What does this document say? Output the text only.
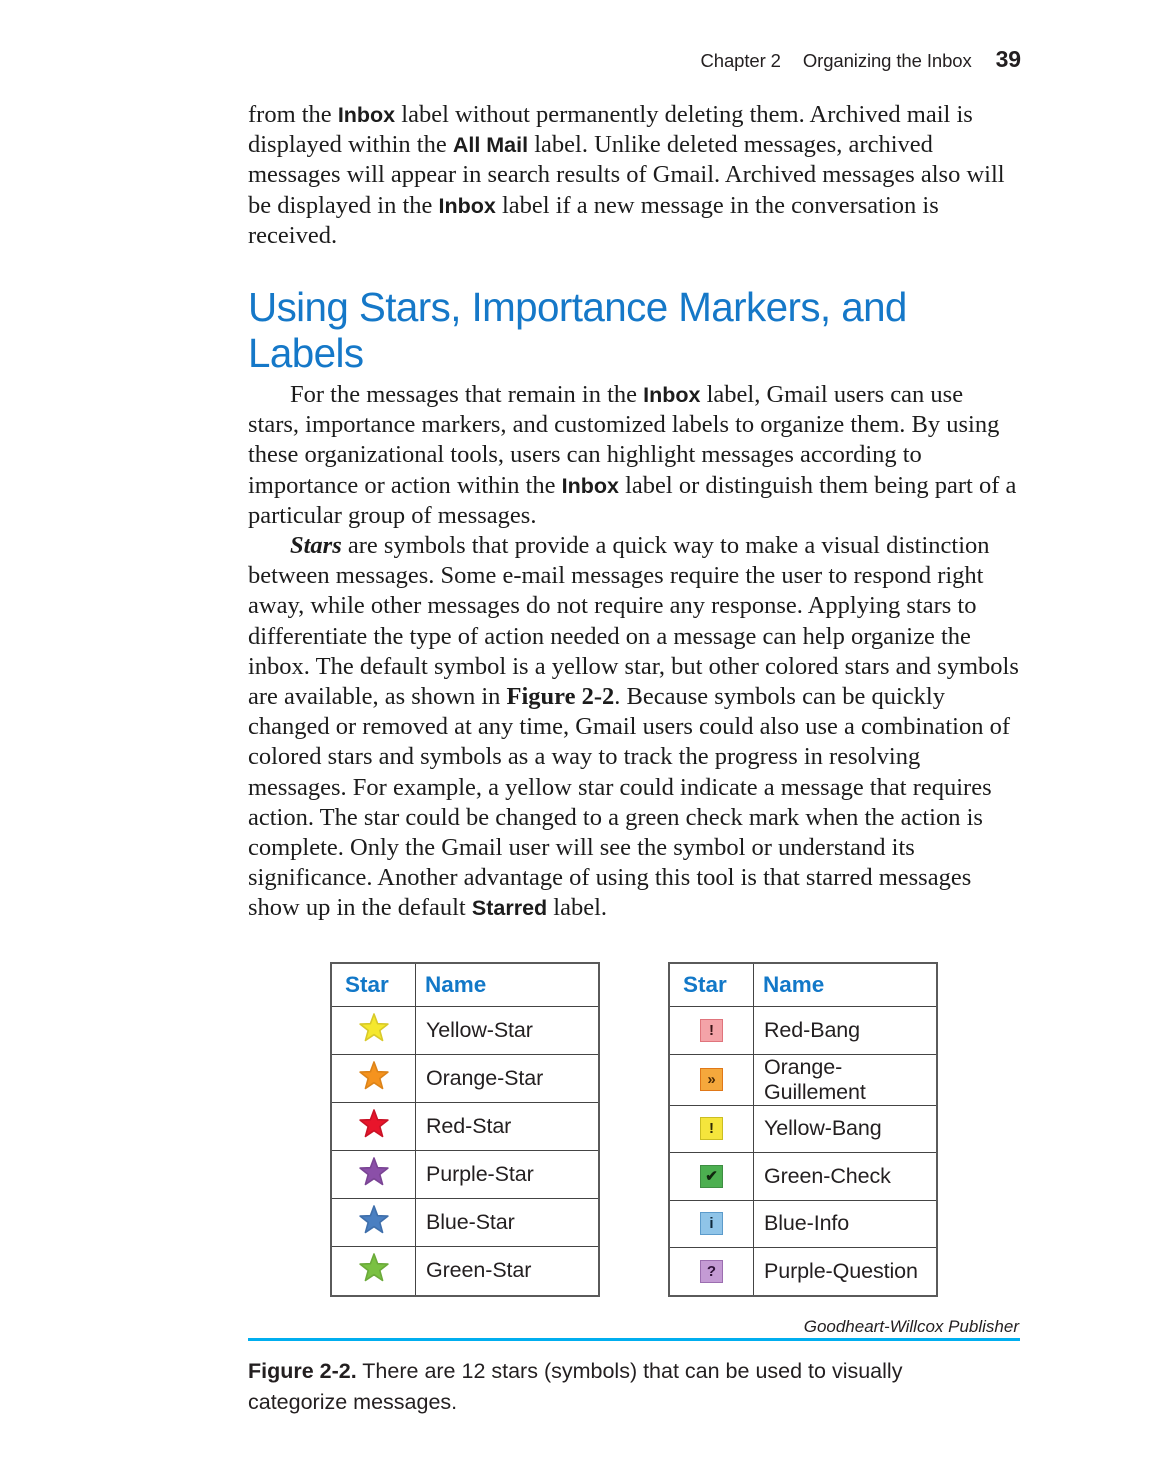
Chapter 2 Organizing the Inbox 39

from the Inbox label without permanently deleting them. Archived mail is displayed within the All Mail label. Unlike deleted messages, archived messages will appear in search results of Gmail. Archived messages also will be displayed in the Inbox label if a new message in the conversation is received.

Using Stars, Importance Markers, and Labels

For the messages that remain in the Inbox label, Gmail users can use stars, importance markers, and customized labels to organize them. By using these organizational tools, users can highlight messages according to importance or action within the Inbox label or distinguish them being part of a particular group of messages.

Stars are symbols that provide a quick way to make a visual distinction between messages. Some e-mail messages require the user to respond right away, while other messages do not require any response. Applying stars to differentiate the type of action needed on a message can help organize the inbox. The default symbol is a yellow star, but other colored stars and symbols are available, as shown in Figure 2-2. Because symbols can be quickly changed or removed at any time, Gmail users could also use a combination of colored stars and symbols as a way to track the progress in resolving messages. For example, a yellow star could indicate a message that requires action. The star could be changed to a green check mark when the action is complete. Only the Gmail user will see the symbol or understand its significance. Another advantage of using this tool is that starred messages show up in the default Starred label.

Star	Name

	Yellow-Star

	Orange-Star

	Red-Star

	Purple-Star

	Blue-Star

	Green-Star
Star	Name

!	Red-Bang

»	Orange-Guillement

!	Yellow-Bang

✔	Green-Check

i	Blue-Info

?	Purple-Question
Goodheart-Willcox Publisher
Figure 2-2. There are 12 stars (symbols) that can be used to visually categorize messages.
